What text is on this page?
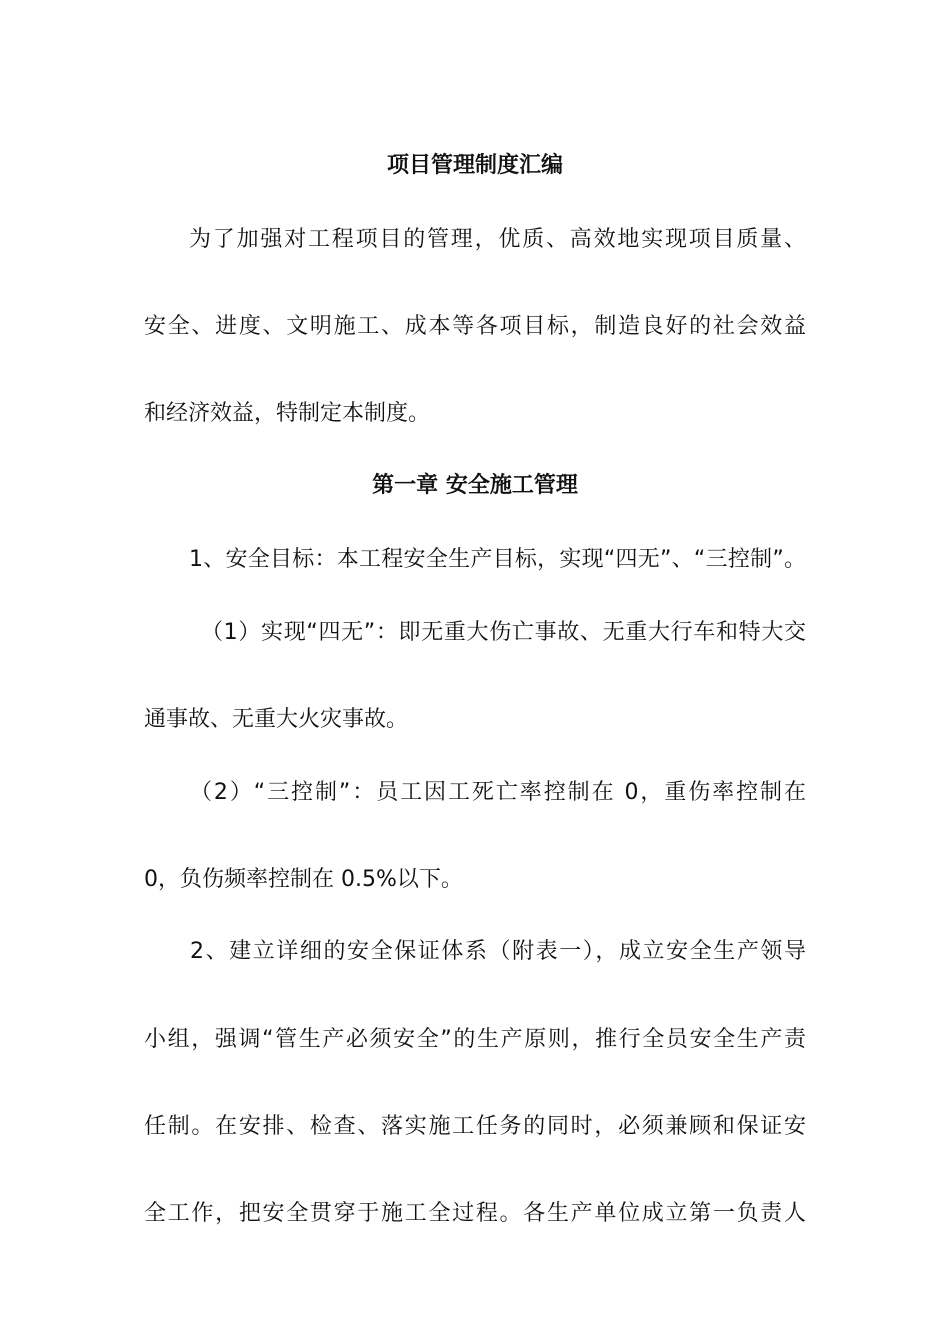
项目管理制度汇编
为了加强对工程项目的管理，优质、高效地实现项目质量、
安全、进度、文明施工、成本等各项目标，制造良好的社会效益
和经济效益，特制定本制度。
第一章 安全施工管理
1、安全目标：本工程安全生产目标，实现“四无”、“三控制”。
（1）实现“四无”：即无重大伤亡事故、无重大行车和特大交
通事故、无重大火灾事故。
（2）“三控制”：员工因工死亡率控制在 0，重伤率控制在
0，负伤频率控制在 0.5%以下。
2、建立详细的安全保证体系（附表一），成立安全生产领导
小组，强调“管生产必须安全”的生产原则，推行全员安全生产责
任制。在安排、检查、落实施工任务的同时，必须兼顾和保证安
全工作，把安全贯穿于施工全过程。各生产单位成立第一负责人
